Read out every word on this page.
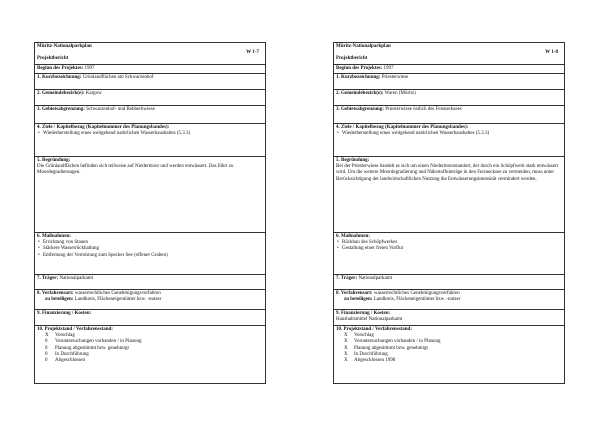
Müritz-Nationalparkplan
W 1-7
Projektbericht
Beginn des Projektes: 1997
1. Kurzbezeichnung: Grünlandflächen am Schwarzenhof
2. Gemeindebezirk(e): Kargow
3. Gebietsabgrenzung: Schwarzenhof- und Rehberbwiese
4. Ziele / Kapitelbezug (Kapitelnummer des Planungsbandes):
• Wiederherstellung eines weitgehend natürlichen Wasserhaushaltes (5.3.3)
5. Begründung:
Die Grünlandflächen befinden sich teilweise auf Niedermoor und werden entwässert. Das führt zu Moordegradierungen.
6. Maßnahmen:
• Errichtung von Stauen
• Stärkere Wasserrückhaltung
• Entfernung der Verrohrung zum Specker See (offener Graben)
7. Träger: Nationalparkamt
8. Verfahrensart: wasserrechtliches Genehmigungsverfahren
zu beteiligen: Landkreis, Flächeneigentümer bzw. -nutzer
9. Finanzierung / Kosten:
10. Projektstand / Verfahrensstand:
X	Vorschlag
0	Voruntersuchungen vorhanden / in Planung
0	Planung abgestimmt bzw. genehmigt
0	In Durchführung
0	Abgeschlossen
Müritz-Nationalparkplan
W 1-8
Projektbericht
Beginn des Projektes: 1997
1. Kurzbezeichnung: Priesterwiese
2. Gemeindebezirk(e): Waren (Müritz)
3. Gebietsabgrenzung: Priesterwiese östlich des Feisnecksees
4. Ziele / Kapitelbezug (Kapitelnummer des Planungsbandes):
• Wiederherstellung eines weitgehend natürlichen Wasserhaushaltes (5.3.3)
5. Begründung:
Bei der Priesterwiese handelt es sich um einen Niedermoorstandort, der durch ein Schöpfwerk stark entwässert wird. Um die weitere Moordegradierung und Nährstoffeinträge in den Feisnecksee zu vermeiden, muss unter Berücksichtigung der landwirtschaftlichen Nutzung die Entwässerungsintensität vermindert werden.
6. Maßnahmen:
• Rückbau des Schöpfwerkes
• Gestaltung einer freien Vorflut
7. Träger: Nationalparkamt
8. Verfahrensart: wasserrechtliches Genehmigungsverfahren
zu beteiligen: Landkreis, Flächeneigentümer bzw. -nutzer
9. Finanzierung / Kosten:
Haushaltsmittel Nationalparkamt
10. Projektstand / Verfahrensstand:
X	Vorschlag
X	Voruntersuchungen vorhanden / in Planung
X	Planung abgestimmt bzw. genehmigt
X	In Durchführung
X	Abgeschlossen 1998
